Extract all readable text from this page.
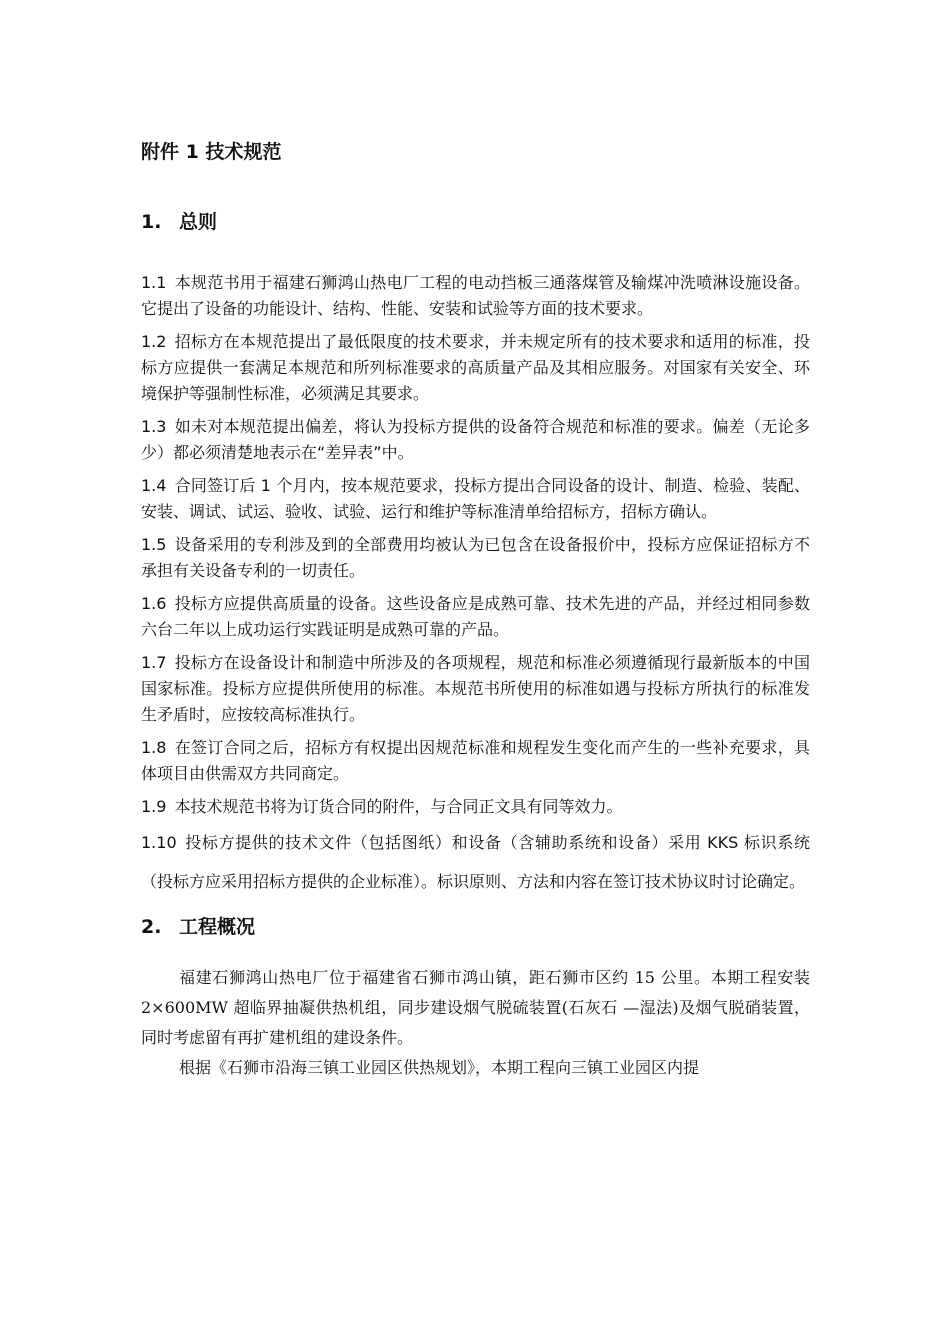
附件 1 技术规范
1. 总则

1.1 本规范书用于福建石狮鸿山热电厂工程的电动挡板三通落煤管及输煤冲洗喷淋设施设备。它提出了设备的功能设计、结构、性能、安装和试验等方面的技术要求。

1.2 招标方在本规范提出了最低限度的技术要求，并未规定所有的技术要求和适用的标准，投标方应提供一套满足本规范和所列标准要求的高质量产品及其相应服务。对国家有关安全、环境保护等强制性标准，必须满足其要求。

1.3 如未对本规范提出偏差，将认为投标方提供的设备符合规范和标准的要求。偏差（无论多少）都必须清楚地表示在“差异表”中。

1.4 合同签订后 1 个月内，按本规范要求，投标方提出合同设备的设计、制造、检验、装配、安装、调试、试运、验收、试验、运行和维护等标准清单给招标方，招标方确认。

1.5 设备采用的专利涉及到的全部费用均被认为已包含在设备报价中，投标方应保证招标方不承担有关设备专利的一切责任。

1.6 投标方应提供高质量的设备。这些设备应是成熟可靠、技术先进的产品，并经过相同参数六台二年以上成功运行实践证明是成熟可靠的产品。

1.7 投标方在设备设计和制造中所涉及的各项规程，规范和标准必须遵循现行最新版本的中国国家标准。投标方应提供所使用的标准。本规范书所使用的标准如遇与投标方所执行的标准发生矛盾时，应按较高标准执行。

1.8 在签订合同之后，招标方有权提出因规范标准和规程发生变化而产生的一些补充要求，具体项目由供需双方共同商定。

1.9 本技术规范书将为订货合同的附件，与合同正文具有同等效力。

1.10 投标方提供的技术文件（包括图纸）和设备（含辅助系统和设备）采用 KKS 标识系统（投标方应采用招标方提供的企业标准）。标识原则、方法和内容在签订技术协议时讨论确定。

2. 工程概况

福建石狮鸿山热电厂位于福建省石狮市鸿山镇，距石狮市区约 15 公里。本期工程安装 2×600MW 超临界抽凝供热机组，同步建设烟气脱硫装置(石灰石 —湿法)及烟气脱硝装置，同时考虑留有再扩建机组的建设条件。

根据《石狮市沿海三镇工业园区供热规划》，本期工程向三镇工业园区内提
